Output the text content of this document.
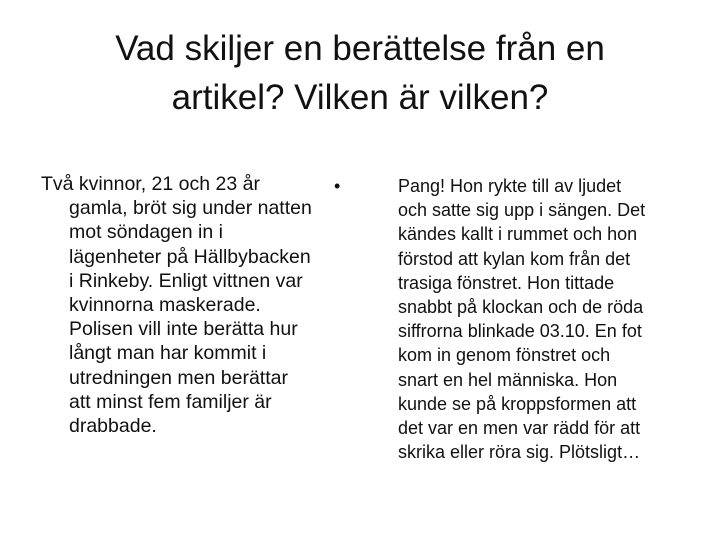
Vad skiljer en berättelse från en
artikel? Vilken är vilken?
Två kvinnor, 21 och 23 år
gamla, bröt sig under natten
mot söndagen in i
lägenheter på Hällbybacken
i Rinkeby. Enligt vittnen var
kvinnorna maskerade.
Polisen vill inte berätta hur
långt man har kommit i
utredningen men berättar
att minst fem familjer är
drabbade.
•	Pang! Hon rykte till av ljudet
och satte sig upp i sängen. Det
kändes kallt i rummet och hon
förstod att kylan kom från det
trasiga fönstret. Hon tittade
snabbt på klockan och de röda
siffrorna blinkade 03.10. En fot
kom in genom fönstret och
snart en hel människa. Hon
kunde se på kroppsformen att
det var en men var rädd för att
skrika eller röra sig. Plötsligt…
